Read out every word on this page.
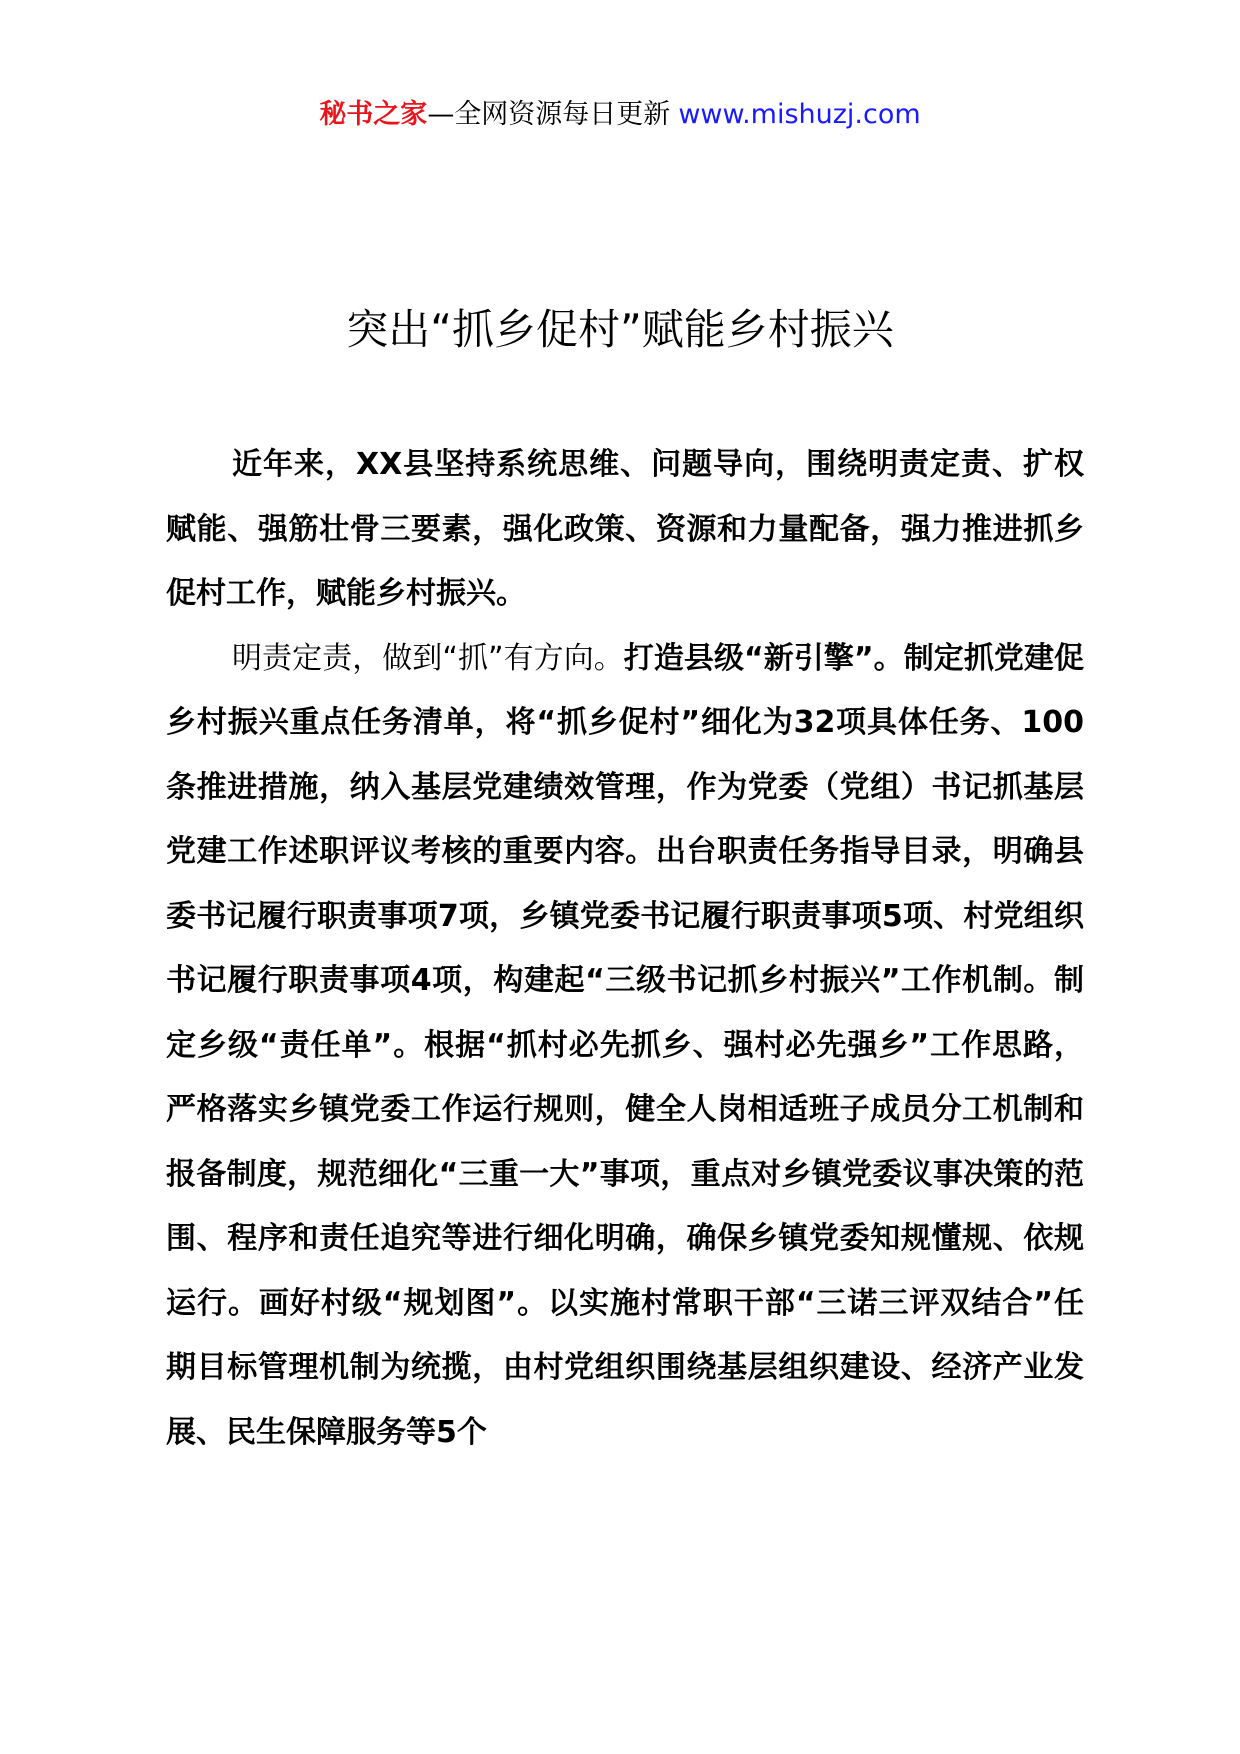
秘书之家—全网资源每日更新 www.mishuzj.com
突出“抓乡促村”赋能乡村振兴

近年来，XX县坚持系统思维、问题导向，围绕明责定责、扩权赋能、强筋壮骨三要素，强化政策、资源和力量配备，强力推进抓乡促村工作，赋能乡村振兴。

明责定责，做到“抓”有方向。打造县级“新引擎”。制定抓党建促乡村振兴重点任务清单，将“抓乡促村”细化为32项具体任务、100条推进措施，纳入基层党建绩效管理，作为党委（党组）书记抓基层党建工作述职评议考核的重要内容。出台职责任务指导目录，明确县委书记履行职责事项7项，乡镇党委书记履行职责事项5项、村党组织书记履行职责事项4项，构建起“三级书记抓乡村振兴”工作机制。制定乡级“责任单”。根据“抓村必先抓乡、强村必先强乡”工作思路，严格落实乡镇党委工作运行规则，健全人岗相适班子成员分工机制和报备制度，规范细化“三重一大”事项，重点对乡镇党委议事决策的范围、程序和责任追究等进行细化明确，确保乡镇党委知规懂规、依规运行。画好村级“规划图”。以实施村常职干部“三诺三评双结合”任期目标管理机制为统揽，由村党组织围绕基层组织建设、经济产业发展、民生保障服务等5个
